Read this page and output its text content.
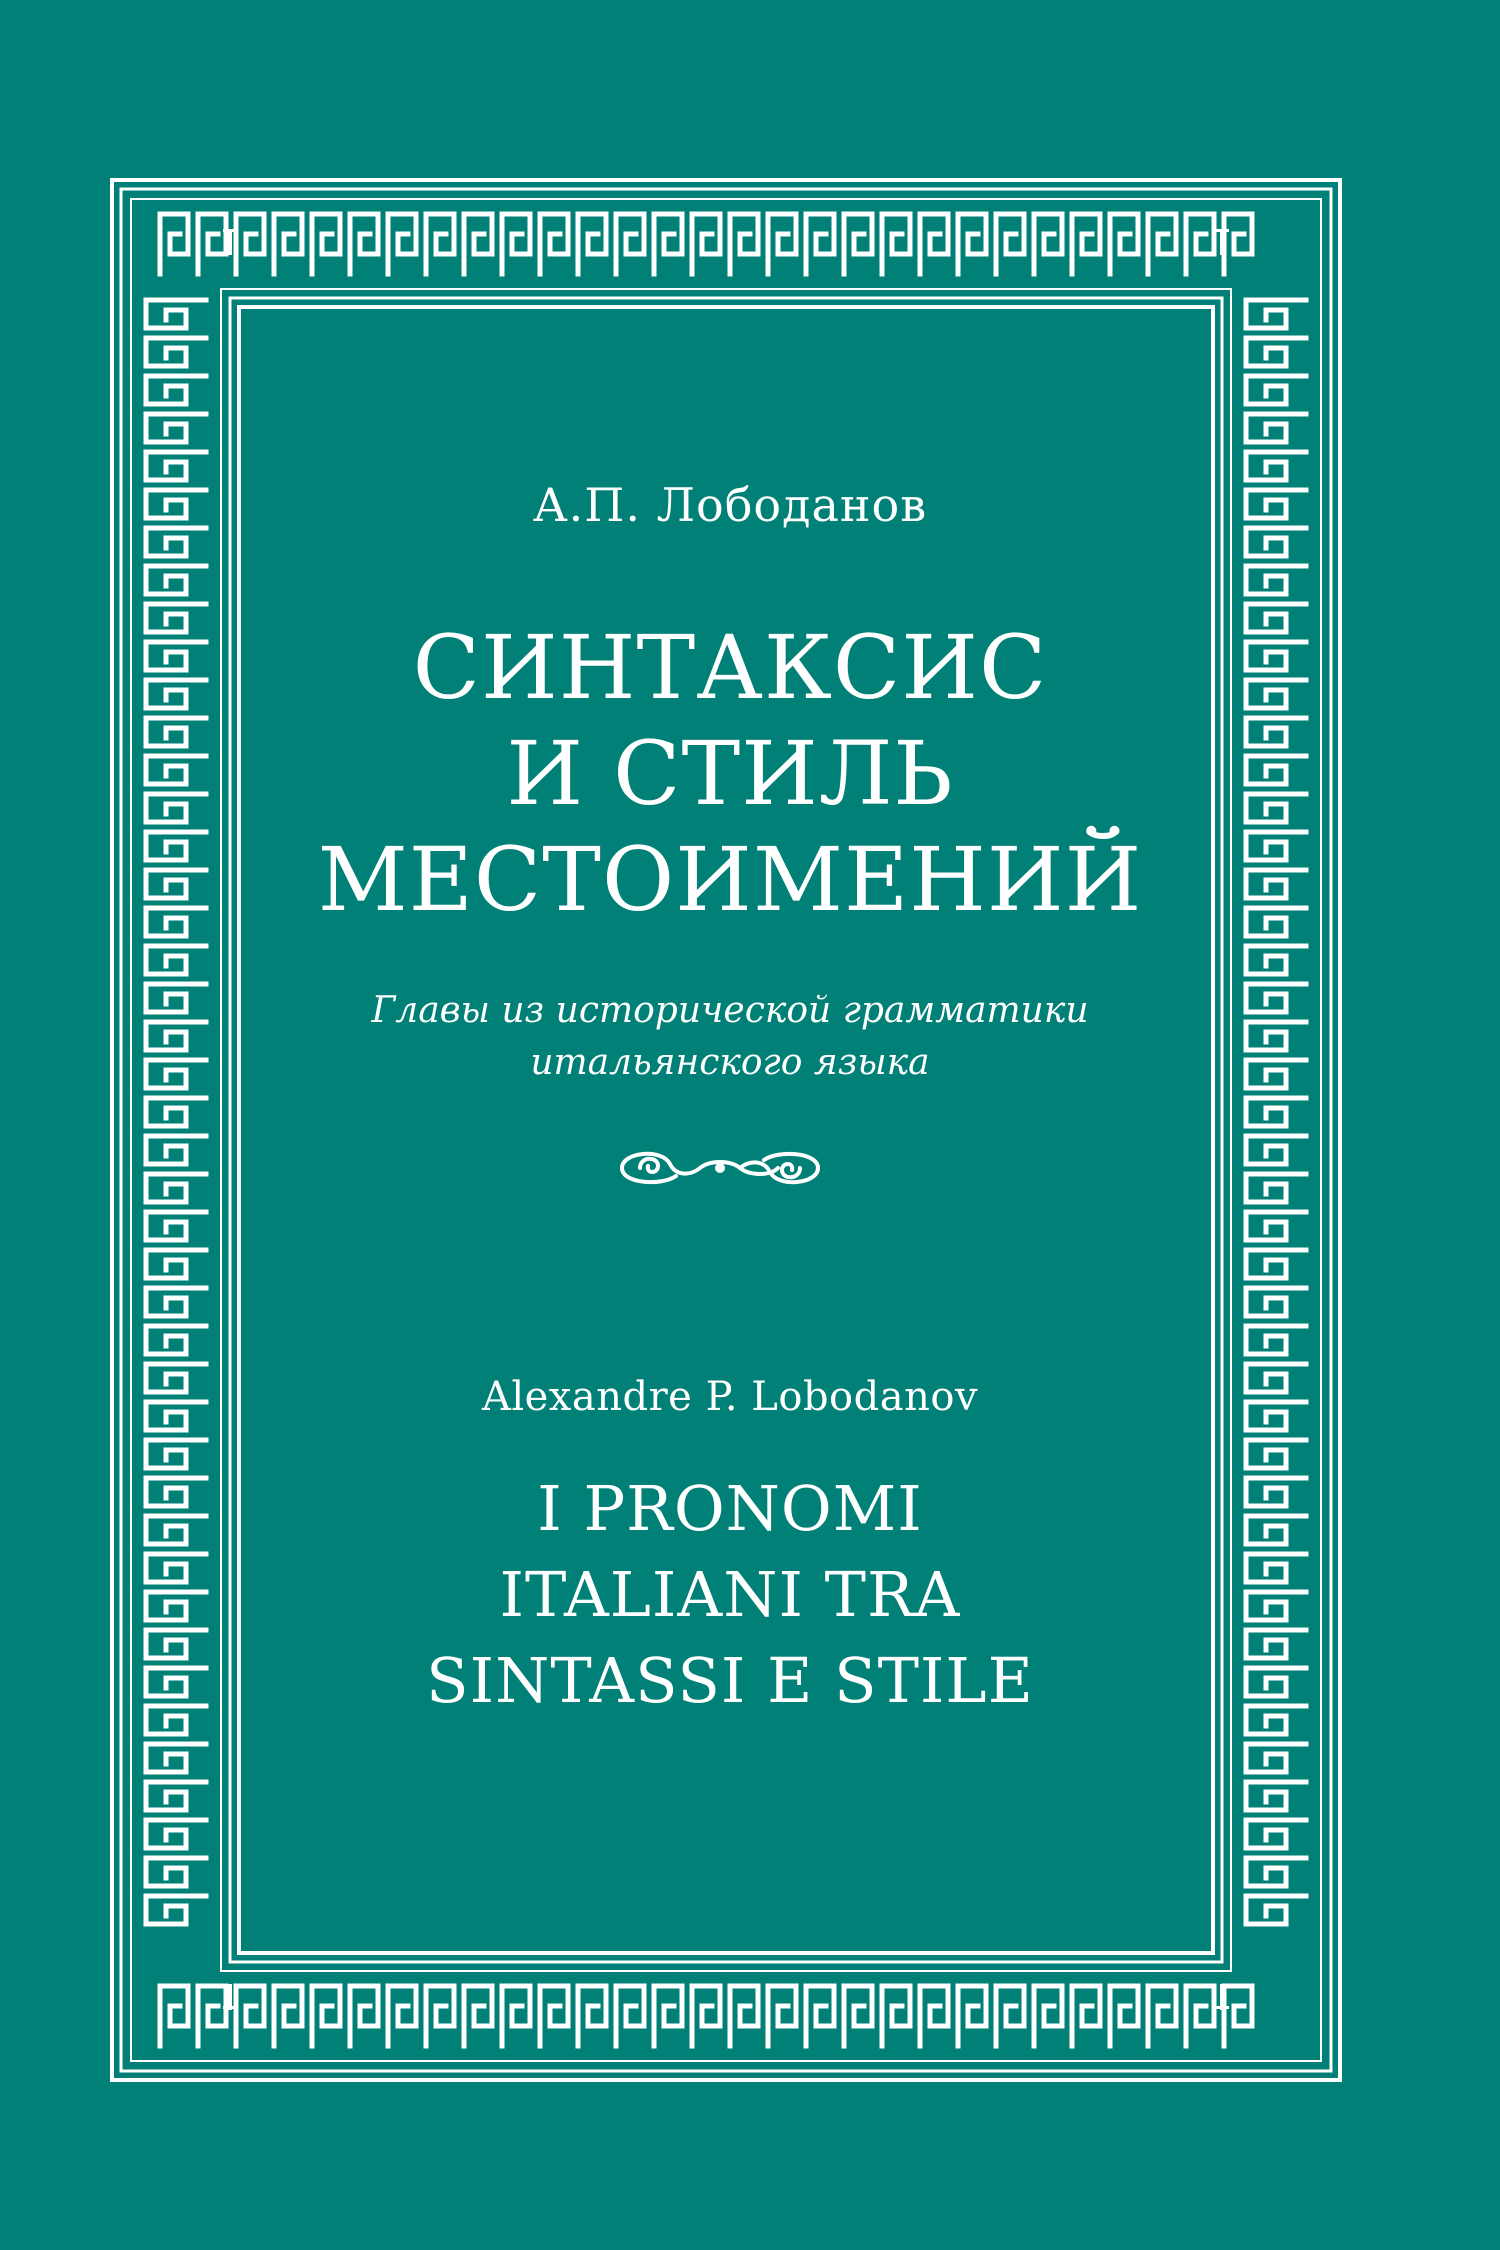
А.П. Лободанов
СИНТАКСИС
И СТИЛЬ
МЕСТОИМЕНИЙ
Главы из исторической грамматики
итальянского языка
Alexandre P. Lobodanov
I PRONOMI
ITALIANI TRA
SINTASSI E STILE
